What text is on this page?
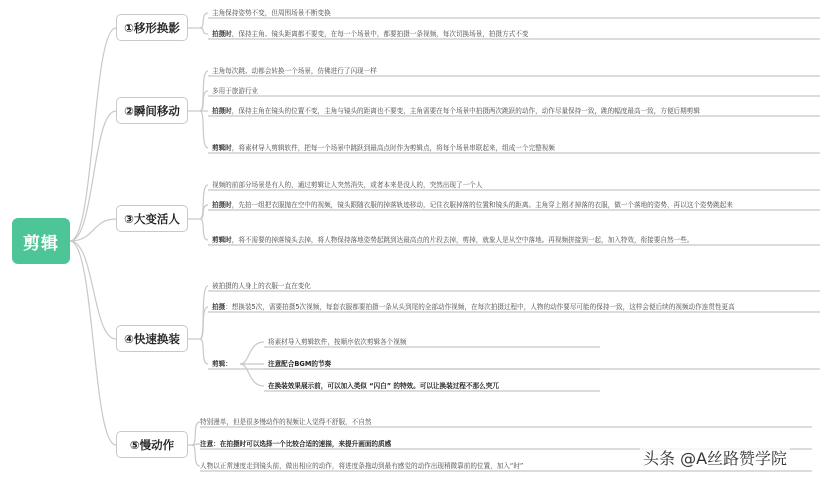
剪辑
①移形换影
主角保持姿势不变，但周围场景不断变换
拍摄时，保持主角、镜头距离都不要变，在每一个场景中，都要拍摄一条视频，每次切换场景，拍摄方式不变
②瞬间移动
主角每次跳、动都会转换一个场景，仿佛进行了闪现一样
多用于旅游行业
拍摄时，保持主角在镜头的位置不变，主角与镜头的距离也不要变，主角需要在每个场景中拍摄两次跳跃的动作，动作尽量保持一致，跳的幅度最高一致，方便后期剪辑
剪辑时，将素材导入剪辑软件，把每一个场景中跳跃到最高点时作为剪辑点，将每个场景串联起来，组成一个完整视频
③大变活人
视频的前部分场景是有人的，通过剪辑让人突然消失，或者本来是没人的，突然出现了一个人
拍摄时，先拍一组把衣服抛在空中的视频，镜头跟随衣服的掉落轨迹移动，记住衣服掉落的位置和镜头的距离。主角穿上刚才掉落的衣服，做一个落地的姿势，再以这个姿势跳起来
剪辑时，将不需要的掉落镜头去掉，将人物保持落地姿势起跳到达最高点的片段去掉，剪掉，就象人是从空中落地。再视频拼接到一起，加入特效，衔接要自然一些。
④快速换装
被拍摄的人身上的衣服一直在变化
拍摄：想换装5次，需要拍摄5次视频，每套衣服都要拍摄一条从头到尾的全部动作视频，在每次拍摄过程中，人物的动作要尽可能的保持一致，这样会便后续的视频动作连贯性更高
剪辑：
将素材导入剪辑软件，按顺序依次剪辑各个视频
注意配合BGM的节奏
在换装效果展示前，可以加入类似 “闪白” 的特效。可以让换装过程不那么突兀
⑤慢动作
特别漫单，但是很多慢动作的视频让人觉得不舒服，不自然
注意：在拍摄时可以选择一个比较合适的速描，来提升画面的质感
人物以正常速度走到镜头前，做出相应的动作，将进度条拖动到最有感觉的动作出现稍微靠前的位置，加入“时”	头条 @A丝路赞学院
